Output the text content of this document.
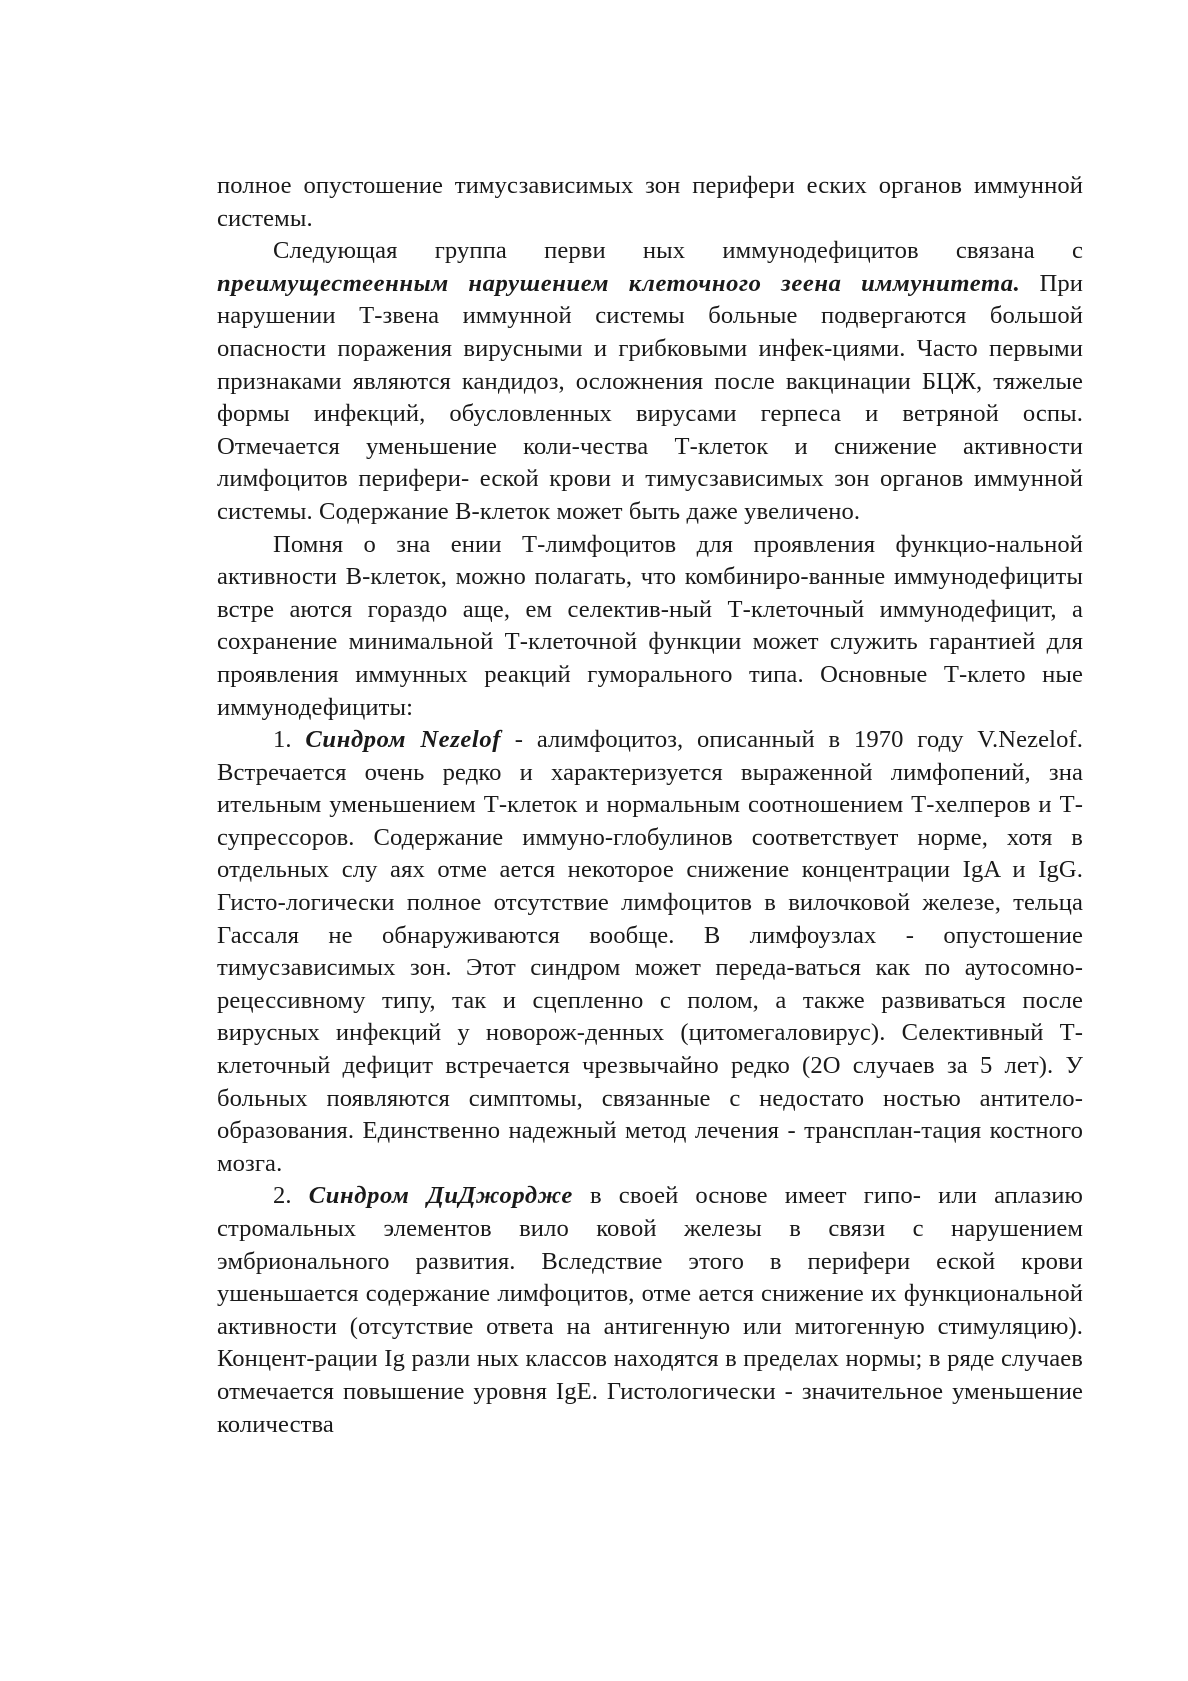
полное опустошение тимусзависимых зон перифери еских органов иммунной системы.

Следующая группа перви ных иммунодефицитов связана с преимущестеенным нарушением клеточного зеена иммунитета. При нарушении Т-звена иммунной системы больные подвергаются большой опасности поражения вирусными и грибковыми инфек-циями. Часто первыми признаками являются кандидоз, осложнения после вакцинации БЦЖ, тяжелые формы инфекций, обусловленных вирусами герпеса и ветряной оспы. Отмечается уменьшение коли-чества Т-клеток и снижение активности лимфоцитов перифери- еской крови и тимусзависимых зон органов иммунной системы. Содержание В-клеток может быть даже увеличено.

Помня о зна ении Т-лимфоцитов для проявления функцио-нальной активности В-клеток, можно полагать, что комбиниро-ванные иммунодефициты встре аются гораздо аще, ем селектив-ный Т-клеточный иммунодефицит, а сохранение минимальной Т-клеточной функции может служить гарантией для проявления иммунных реакций гуморального типа. Основные Т-клето ные иммунодефициты:

1. Синдром Nezelof - алимфоцитоз, описанный в 1970 году V.Nezelof. Встречается очень редко и характеризуется выраженной лимфопений, зна ительным уменьшением Т-клеток и нормальным соотношением Т-хелперов и Т-супрессоров. Содержание иммуно-глобулинов соответствует норме, хотя в отдельных слу аях отме ается некоторое снижение концентрации IgA и IgG. Гисто-логически полное отсутствие лимфоцитов в вилочковой железе, тельца Гассаля не обнаруживаются вообще. В лимфоузлах - опустошение тимусзависимых зон. Этот синдром может переда-ваться как по аутосомно-рецессивному типу, так и сцепленно с полом, а также развиваться после вирусных инфекций у новорож-денных (цитомегаловирус). Селективный Т-клеточный дефицит встречается чрезвычайно редко (2О случаев за 5 лет). У больных появляются симптомы, связанные с недостато ностью антитело-образования. Единственно надежный метод лечения - трансплан-тация костного мозга.

2. Синдром ДиДжордже в своей основе имеет гипо- или аплазию стромальных элементов вило ковой железы в связи с нарушением эмбрионального развития. Вследствие этого в перифери еской крови ушеньшается содержание лимфоцитов, отме ается снижение их функциональной активности (отсутствие ответа на антигенную или митогенную стимуляцию). Концент-рации Ig разли ных классов находятся в пределах нормы; в ряде случаев отмечается повышение уровня IgE. Гистологически - значительное уменьшение количества
